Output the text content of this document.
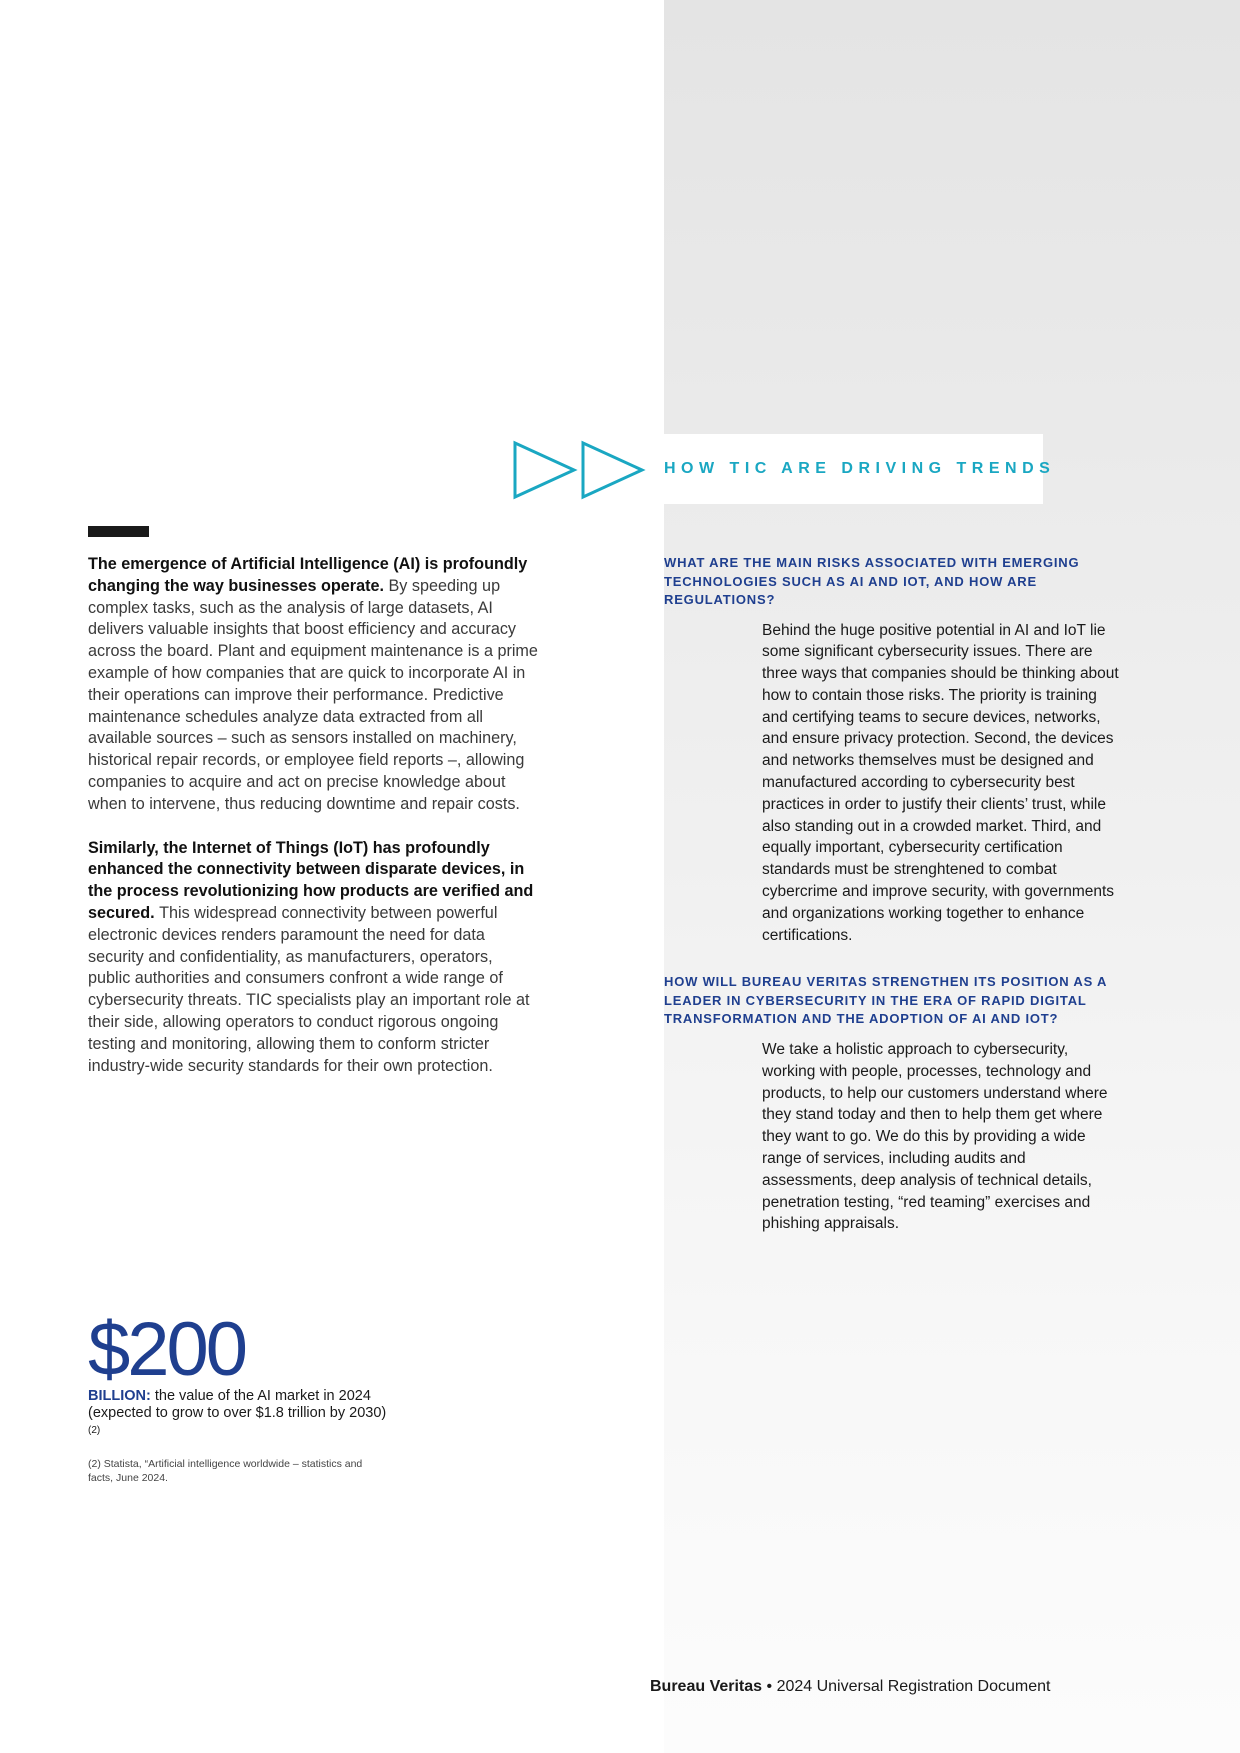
HOW TIC ARE DRIVING TRENDS

The emergence of Artificial Intelligence (AI) is profoundly changing the way businesses operate. By speeding up complex tasks, such as the analysis of large datasets, AI delivers valuable insights that boost efficiency and accuracy across the board. Plant and equipment maintenance is a prime example of how companies that are quick to incorporate AI in their operations can improve their performance. Predictive maintenance schedules analyze data extracted from all available sources – such as sensors installed on machinery, historical repair records, or employee field reports –, allowing companies to acquire and act on precise knowledge about when to intervene, thus reducing downtime and repair costs.

Similarly, the Internet of Things (IoT) has profoundly enhanced the connectivity between disparate devices, in the process revolutionizing how products are verified and secured. This widespread connectivity between powerful electronic devices renders paramount the need for data security and confidentiality, as manufacturers, operators, public authorities and consumers confront a wide range of cybersecurity threats. TIC specialists play an important role at their side, allowing operators to conduct rigorous ongoing testing and monitoring, allowing them to conform stricter industry-wide security standards for their own protection.

WHAT ARE THE MAIN RISKS ASSOCIATED WITH EMERGING TECHNOLOGIES SUCH AS AI AND IOT, AND HOW ARE REGULATIONS?

Behind the huge positive potential in AI and IoT lie some significant cybersecurity issues. There are three ways that companies should be thinking about how to contain those risks. The priority is training and certifying teams to secure devices, networks, and ensure privacy protection. Second, the devices and networks themselves must be designed and manufactured according to cybersecurity best practices in order to justify their clients’ trust, while also standing out in a crowded market. Third, and equally important, cybersecurity certification standards must be strenghtened to combat cybercrime and improve security, with governments and organizations working together to enhance certifications.

HOW WILL BUREAU VERITAS STRENGTHEN ITS POSITION AS A LEADER IN CYBERSECURITY IN THE ERA OF RAPID DIGITAL TRANSFORMATION AND THE ADOPTION OF AI AND IOT?

We take a holistic approach to cybersecurity, working with people, processes, technology and products, to help our customers understand where they stand today and then to help them get where they want to go. We do this by providing a wide range of services, including audits and assessments, deep analysis of technical details, penetration testing, “red teaming” exercises and phishing appraisals.

$200
BILLION: the value of the AI market in 2024 (expected to grow to over $1.8 trillion by 2030)$^{(2)}$
(2) Statista, “Artificial intelligence worldwide – statistics and facts, June 2024.
Bureau Veritas • 2024 Universal Registration Document
